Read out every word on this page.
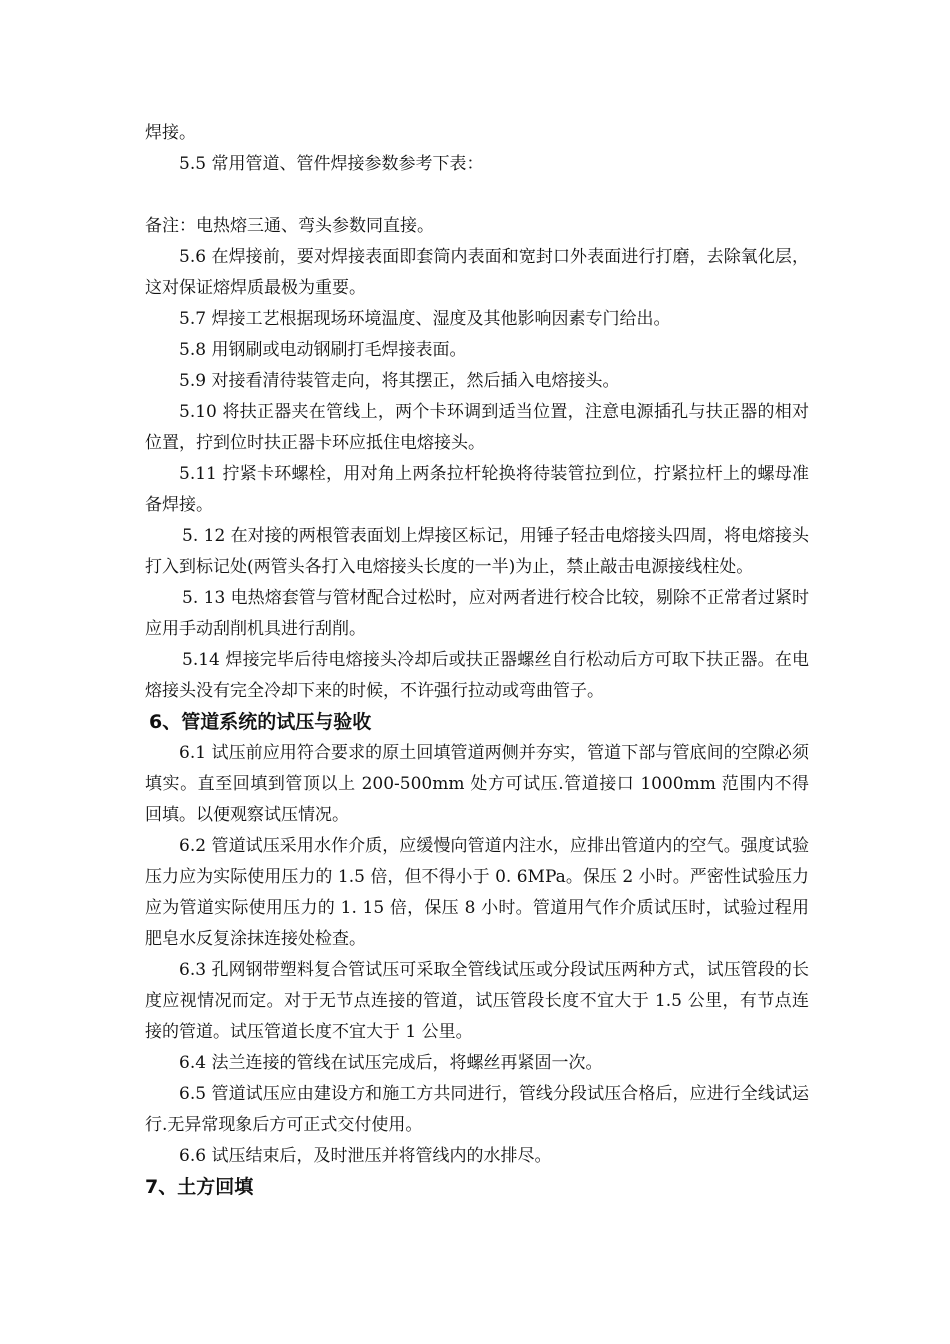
焊接。

5.5 常用管道、管件焊接参数参考下表：

备注：电热熔三通、弯头参数同直接。

5.6 在焊接前，要对焊接表面即套筒内表面和宽封口外表面进行打磨，去除氧化层，这对保证熔焊质最极为重要。

5.7 焊接工艺根据现场环境温度、湿度及其他影响因素专门给出。

5.8 用钢刷或电动钢刷打毛焊接表面。

5.9 对接看清待装管走向，将其摆正，然后插入电熔接头。

5.10 将扶正器夹在管线上，两个卡环调到适当位置，注意电源插孔与扶正器的相对位置，拧到位时扶正器卡环应抵住电熔接头。

5.11 拧紧卡环螺栓，用对角上两条拉杆轮换将待装管拉到位，拧紧拉杆上的螺母准备焊接。

5. 12 在对接的两根管表面划上焊接区标记，用锤子轻击电熔接头四周，将电熔接头打入到标记处(两管头各打入电熔接头长度的一半)为止，禁止敲击电源接线柱处。

5. 13 电热熔套管与管材配合过松时，应对两者进行校合比较，剔除不正常者过紧时应用手动刮削机具进行刮削。

5.14 焊接完毕后待电熔接头冷却后或扶正器螺丝自行松动后方可取下扶正器。在电熔接头没有完全冷却下来的时候，不许强行拉动或弯曲管子。

6、管道系统的试压与验收

6.1 试压前应用符合要求的原土回填管道两侧并夯实，管道下部与管底间的空隙必须填实。直至回填到管顶以上 200-500mm 处方可试压.管道接口 1000mm 范围内不得回填。以便观察试压情况。

6.2 管道试压采用水作介质，应缓慢向管道内注水，应排出管道内的空气。强度试验压力应为实际使用压力的 1.5 倍，但不得小于 0. 6MPa。保压 2 小时。严密性试验压力应为管道实际使用压力的 1. 15 倍，保压 8 小时。管道用气作介质试压时，试验过程用肥皂水反复涂抹连接处检查。

6.3 孔网钢带塑料复合管试压可采取全管线试压或分段试压两种方式，试压管段的长度应视情况而定。对于无节点连接的管道，试压管段长度不宜大于 1.5 公里，有节点连接的管道。试压管道长度不宜大于 1 公里。

6.4 法兰连接的管线在试压完成后，将螺丝再紧固一次。

6.5 管道试压应由建设方和施工方共同进行，管线分段试压合格后，应进行全线试运行.无异常现象后方可正式交付使用。

6.6 试压结束后，及时泄压并将管线内的水排尽。

7、土方回填
